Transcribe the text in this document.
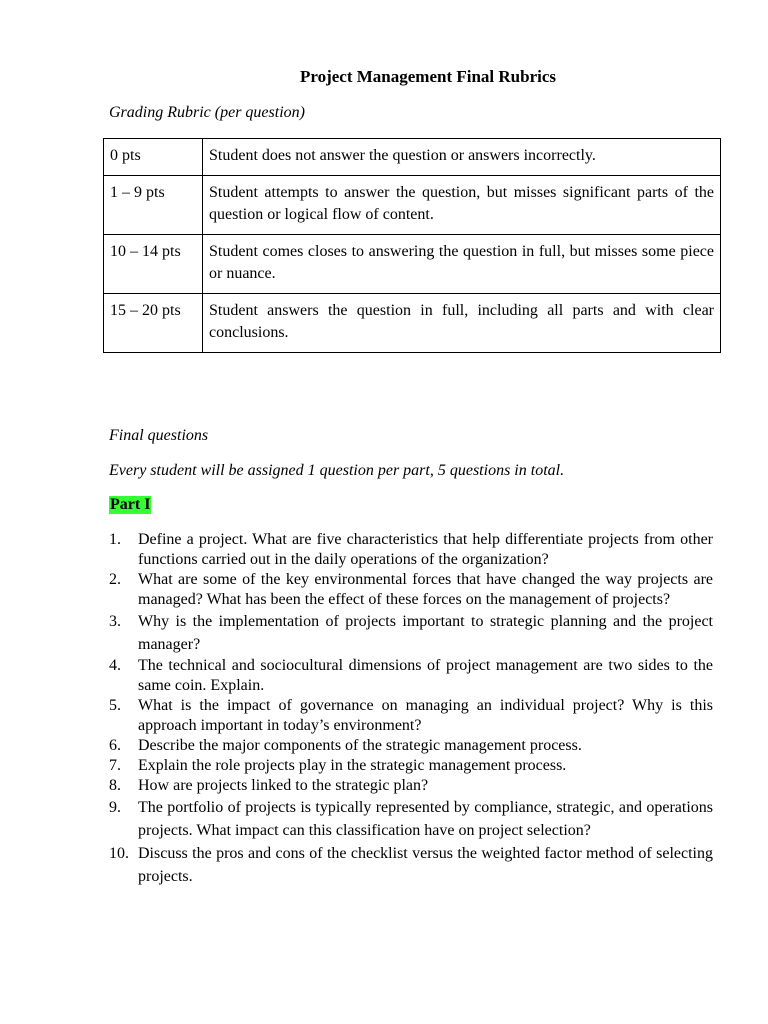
Project Management Final Rubrics
Grading Rubric (per question)
0 pts	Student does not answer the question or answers incorrectly.
1 – 9 pts	Student attempts to answer the question, but misses significant parts of the question or logical flow of content.
10 – 14 pts	Student comes closes to answering the question in full, but misses some piece or nuance.
15 – 20 pts	Student answers the question in full, including all parts and with clear conclusions.
Final questions
Every student will be assigned 1 question per part, 5 questions in total.
Part I
1. Define a project. What are five characteristics that help differentiate projects from other functions carried out in the daily operations of the organization?
2. What are some of the key environmental forces that have changed the way projects are managed? What has been the effect of these forces on the management of projects?
3. Why is the implementation of projects important to strategic planning and the project manager?
4. The technical and sociocultural dimensions of project management are two sides to the same coin. Explain.
5. What is the impact of governance on managing an individual project? Why is this approach important in today’s environment?
6. Describe the major components of the strategic management process.
7. Explain the role projects play in the strategic management process.
8. How are projects linked to the strategic plan?
9. The portfolio of projects is typically represented by compliance, strategic, and operations projects. What impact can this classification have on project selection?
10. Discuss the pros and cons of the checklist versus the weighted factor method of selecting projects.
